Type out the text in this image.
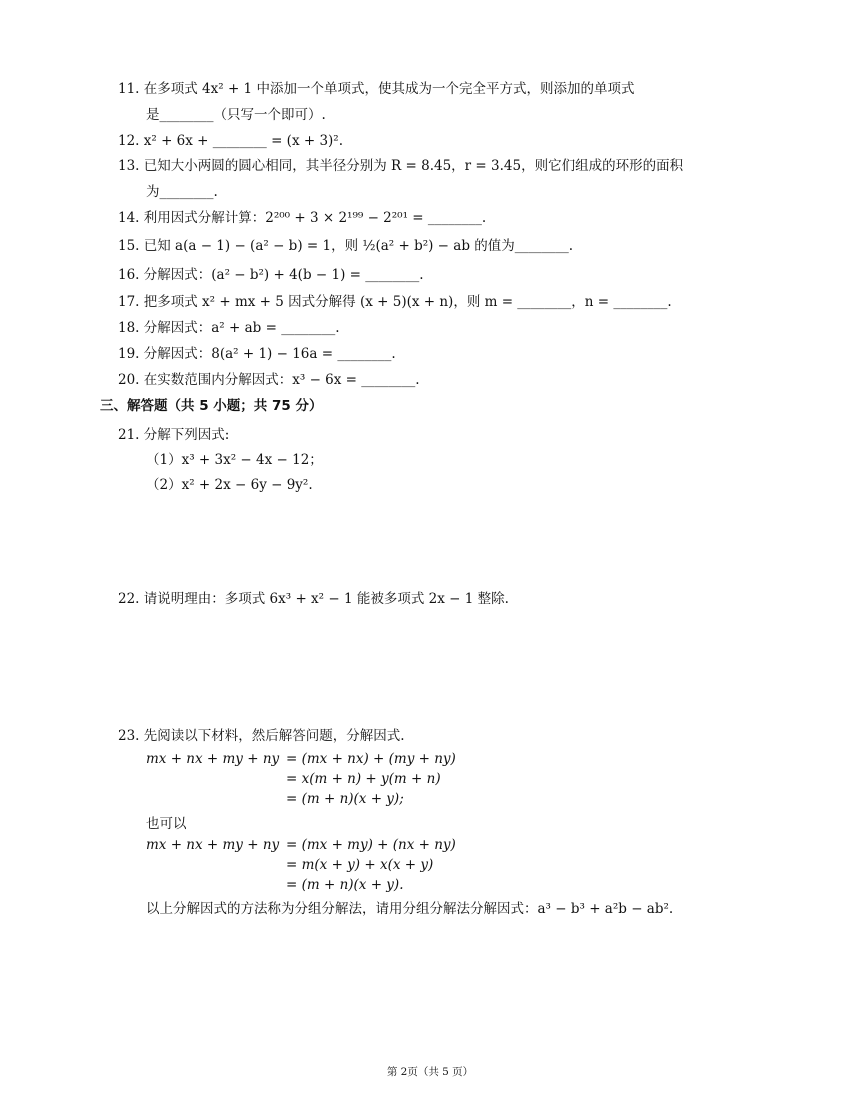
11. 在多项式 4x² + 1 中添加一个单项式，使其成为一个完全平方式，则添加的单项式
是________（只写一个即可）.
12. x² + 6x + ________ = (x + 3)².
13. 已知大小两圆的圆心相同，其半径分别为 R = 8.45，r = 3.45，则它们组成的环形的面积
为________.
14. 利用因式分解计算：2²⁰⁰ + 3 × 2¹⁹⁹ − 2²⁰¹ = ________.
15. 已知 a(a − 1) − (a² − b) = 1，则 ½(a² + b²) − ab 的值为________.
16. 分解因式：(a² − b²) + 4(b − 1) = ________.
17. 把多项式 x² + mx + 5 因式分解得 (x + 5)(x + n)，则 m = ________，n = ________.
18. 分解因式：a² + ab = ________.
19. 分解因式：8(a² + 1) − 16a = ________.
20. 在实数范围内分解因式：x³ − 6x = ________.
三、解答题（共 5 小题；共 75 分）
21. 分解下列因式:
（1）x³ + 3x² − 4x − 12；
（2）x² + 2x − 6y − 9y².
22. 请说明理由：多项式 6x³ + x² − 1 能被多项式 2x − 1 整除.
23. 先阅读以下材料，然后解答问题，分解因式.
mx + nx + my + ny = (mx + nx) + (my + ny)
= x(m + n) + y(m + n)
= (m + n)(x + y);
也可以
mx + nx + my + ny = (mx + my) + (nx + ny)
= m(x + y) + x(x + y)
= (m + n)(x + y).
以上分解因式的方法称为分组分解法，请用分组分解法分解因式：a³ − b³ + a²b − ab².
第 2页（共 5 页）
